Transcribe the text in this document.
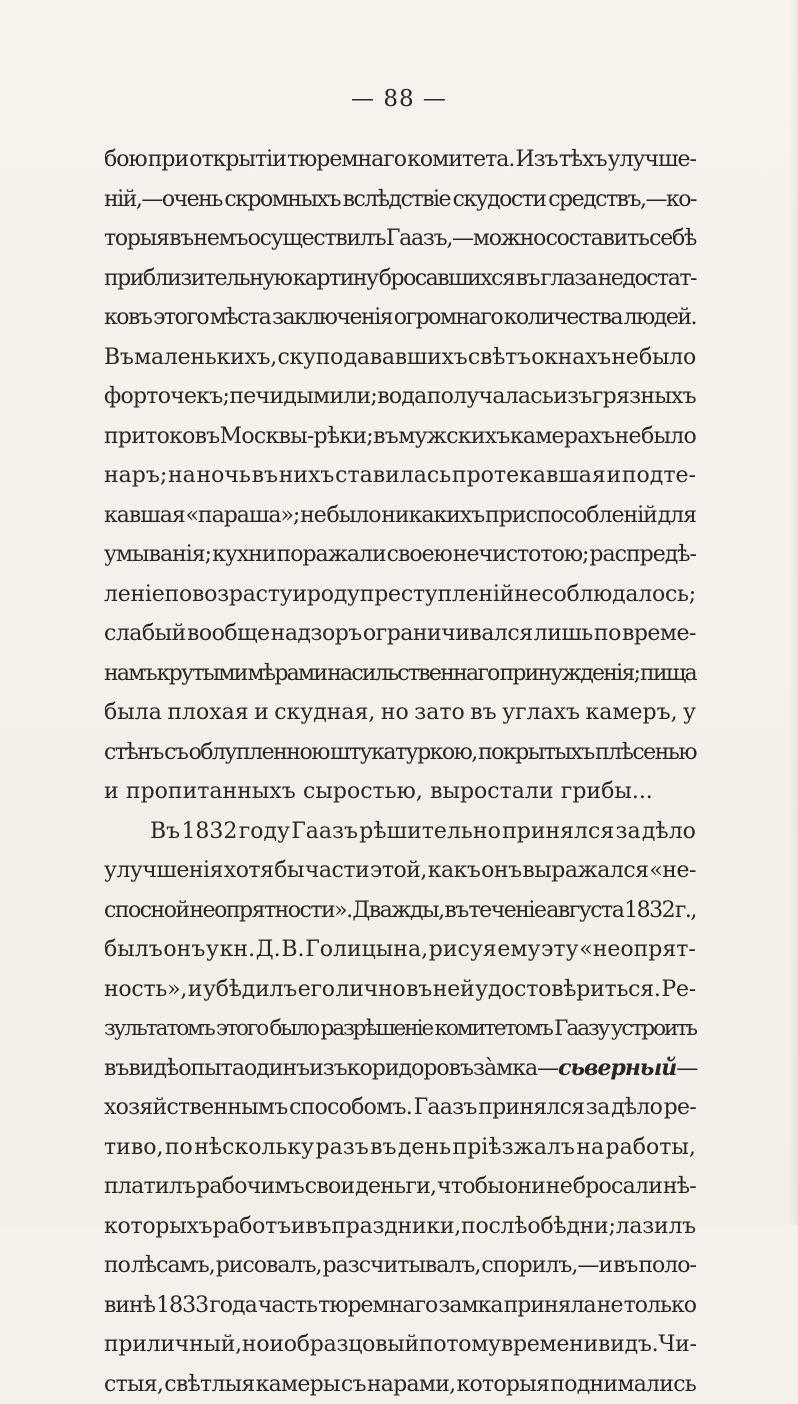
— 88 —
бою при открытіи тюремнаго комитета. Изъ тѣхъ улучше-
ній,—очень скромныхъ вслѣдствіе скудости средствъ,—ко-
торыя въ немъ осуществилъ Гаазъ,—можно составить себѣ
приблизительную картину бросавшихся въ глаза недостат-
ковъ этого мѣста заключенія огромнаго количества людей.
Въ маленькихъ, скупо дававшихъ свѣтъ окнахъ не было
форточекъ; печи дымили; вода получалась изъ грязныхъ
притоковъ Москвы-рѣки; въ мужскихъ камерахъ не было
наръ; на ночь въ нихъ ставилась протекавшая и подте-
кавшая «параша»; не было никакихъ приспособленій для
умыванія; кухни поражали своею нечистотою; распредѣ-
леніе по возрасту и роду преступленій не соблюдалось;
слабый вообще надзоръ ограничивался лишь по време-
намъ крутыми мѣрами насильственнаго принужденія; пища
была плохая и скудная, но зато въ углахъ камеръ, у
стѣнъ съ облупленною штукатуркою, покрытыхъ плѣсенью
и пропитанныхъ сыростью, выростали грибы...
Въ 1832 году Гаазъ рѣшительно принялся за дѣло
улучшенія хотя бы части этой, какъ онъ выражался «не-
спосной неопрятности». Дважды, въ теченіе августа 1832 г.,
былъ онъ у кн. Д. В. Голицына, рисуя ему эту «неопрят-
ность», и убѣдилъ его лично въ ней удостовѣриться. Ре-
зультатомъ этого было разрѣшеніе комитетомъ Гаазу устроить
въ видѣ опыта одинъ изъ коридоровъ зàмка — сьверный —
хозяйственнымъ способомъ. Гаазъ принялся за дѣло ре-
тиво, по нѣскольку разъ въ день пріѣзжалъ на работы,
платилъ рабочимъ свои деньги, чтобы они не бросали нѣ-
которыхъ работъ и въ праздники, послѣ обѣдни; лазилъ
по лѣсамъ, рисовалъ, разсчитывалъ, спорилъ,—и въ поло-
винѣ 1833 года часть тюремнаго замка приняла не только
приличный, но и образцовый по тому времени видъ. Чи-
стыя, свѣтлыя камеры съ нарами, которыя поднимались
